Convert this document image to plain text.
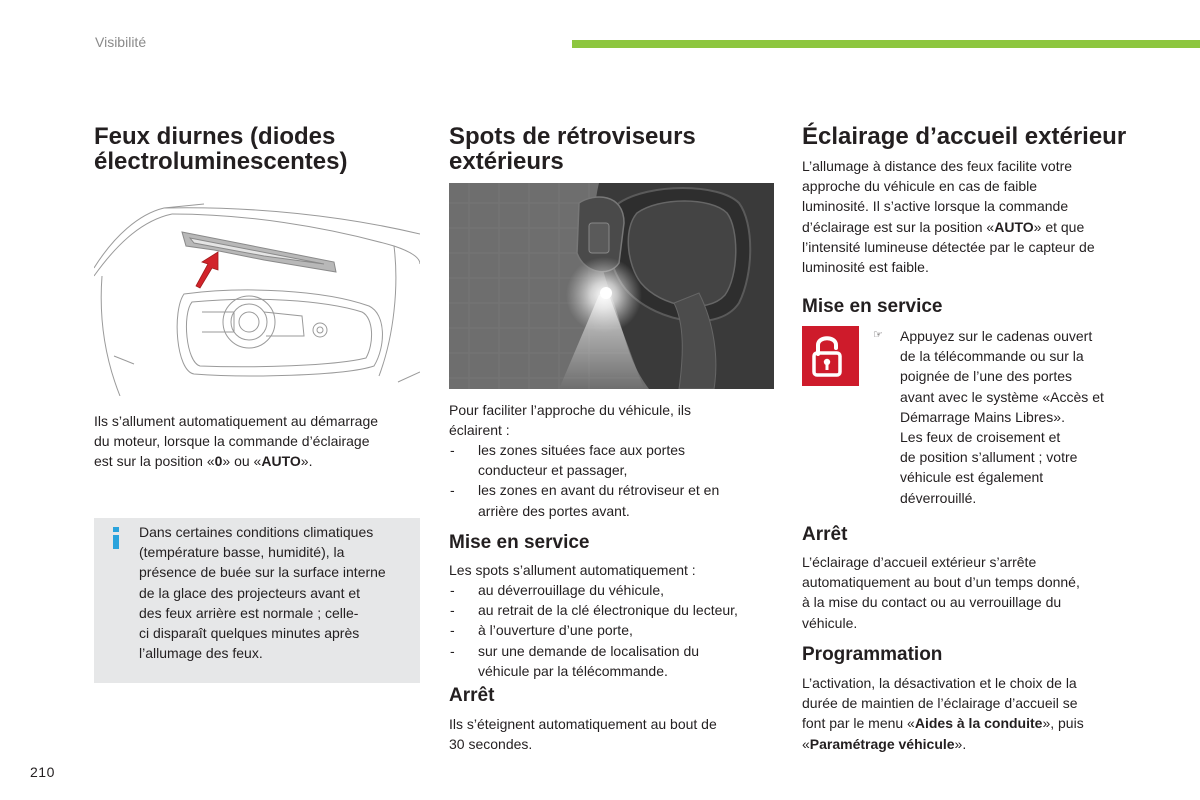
Visibilité
Feux diurnes (diodes
électroluminescentes)
Ils s’allument automatiquement au démarrage
du moteur, lorsque la commande d’éclairage
est sur la position «0» ou «AUTO».
Dans certaines conditions climatiques
(température basse, humidité), la
présence de buée sur la surface interne
de la glace des projecteurs avant et
des feux arrière est normale ; celle-
ci disparaît quelques minutes après
l’allumage des feux.
Spots de rétroviseurs
extérieurs
Pour faciliter l’approche du véhicule, ils
éclairent :
- les zones situées face aux portes
conducteur et passager,
- les zones en avant du rétroviseur et en
arrière des portes avant.
Mise en service
Les spots s’allument automatiquement :
- au déverrouillage du véhicule,
- au retrait de la clé électronique du lecteur,
- à l’ouverture d’une porte,
- sur une demande de localisation du
véhicule par la télécommande.
Arrêt
Ils s’éteignent automatiquement au bout de
30 secondes.
Éclairage d’accueil extérieur
L’allumage à distance des feux facilite votre
approche du véhicule en cas de faible
luminosité. Il s’active lorsque la commande
d’éclairage est sur la position «AUTO» et que
l’intensité lumineuse détectée par le capteur de
luminosité est faible.
Mise en service
☞ Appuyez sur le cadenas ouvert
de la télécommande ou sur la
poignée de l’une des portes
avant avec le système «Accès et
Démarrage Mains Libres».
Les feux de croisement et
de position s’allument ; votre
véhicule est également
déverrouillé.
Arrêt
L’éclairage d’accueil extérieur s’arrête
automatiquement au bout d’un temps donné,
à la mise du contact ou au verrouillage du
véhicule.
Programmation
L’activation, la désactivation et le choix de la
durée de maintien de l’éclairage d’accueil se
font par le menu «Aides à la conduite», puis
«Paramétrage véhicule».
210
